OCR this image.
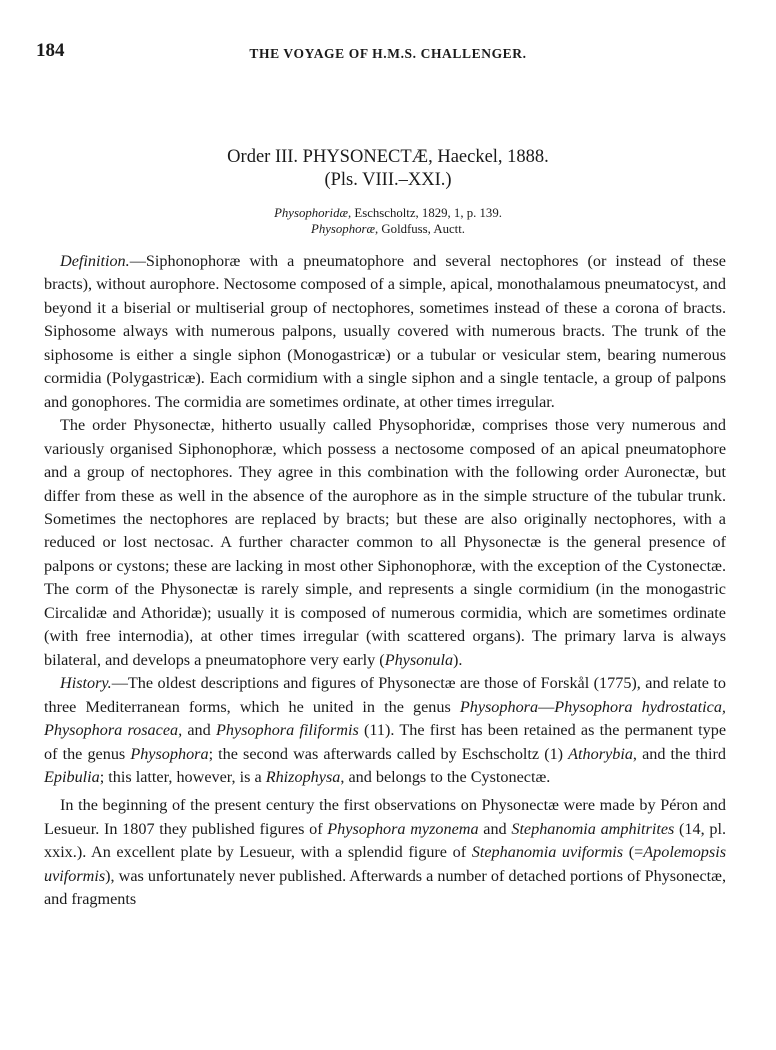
184	THE VOYAGE OF H.M.S. CHALLENGER.
Order III. PHYSONECTÆ, Haeckel, 1888.
(Pls. VIII.–XXI.)
Physophoridæ, Eschscholtz, 1829, 1, p. 139.
Physophoræ, Goldfuss, Auctt.

Definition.—Siphonophoræ with a pneumatophore and several nectophores (or instead of these bracts), without aurophore. Nectosome composed of a simple, apical, monothalamous pneumatocyst, and beyond it a biserial or multiserial group of nectophores, sometimes instead of these a corona of bracts. Siphosome always with numerous palpons, usually covered with numerous bracts. The trunk of the siphosome is either a single siphon (Monogastricæ) or a tubular or vesicular stem, bearing numerous cormidia (Polygastricæ). Each cormidium with a single siphon and a single tentacle, a group of palpons and gonophores. The cormidia are sometimes ordinate, at other times irregular.

The order Physonectæ, hitherto usually called Physophoridæ, comprises those very numerous and variously organised Siphonophoræ, which possess a nectosome composed of an apical pneumatophore and a group of nectophores. They agree in this combination with the following order Auronectæ, but differ from these as well in the absence of the aurophore as in the simple structure of the tubular trunk. Sometimes the nectophores are replaced by bracts; but these are also originally nectophores, with a reduced or lost nectosac. A further character common to all Physonectæ is the general presence of palpons or cystons; these are lacking in most other Siphonophoræ, with the exception of the Cystonectæ. The corm of the Physonectæ is rarely simple, and represents a single cormidium (in the monogastric Circalidæ and Athoridæ); usually it is composed of numerous cormidia, which are sometimes ordinate (with free internodia), at other times irregular (with scattered organs). The primary larva is always bilateral, and develops a pneumatophore very early (Physonula).

History.—The oldest descriptions and figures of Physonectæ are those of Forskål (1775), and relate to three Mediterranean forms, which he united in the genus Physophora—Physophora hydrostatica, Physophora rosacea, and Physophora filiformis (11). The first has been retained as the permanent type of the genus Physophora; the second was afterwards called by Eschscholtz (1) Athorybia, and the third Epibulia; this latter, however, is a Rhizophysa, and belongs to the Cystonectæ.

In the beginning of the present century the first observations on Physonectæ were made by Péron and Lesueur. In 1807 they published figures of Physophora myzonema and Stephanomia amphitrites (14, pl. xxix.). An excellent plate by Lesueur, with a splendid figure of Stephanomia uviformis (=Apolemopsis uviformis), was unfortunately never published. Afterwards a number of detached portions of Physonectæ, and fragments
